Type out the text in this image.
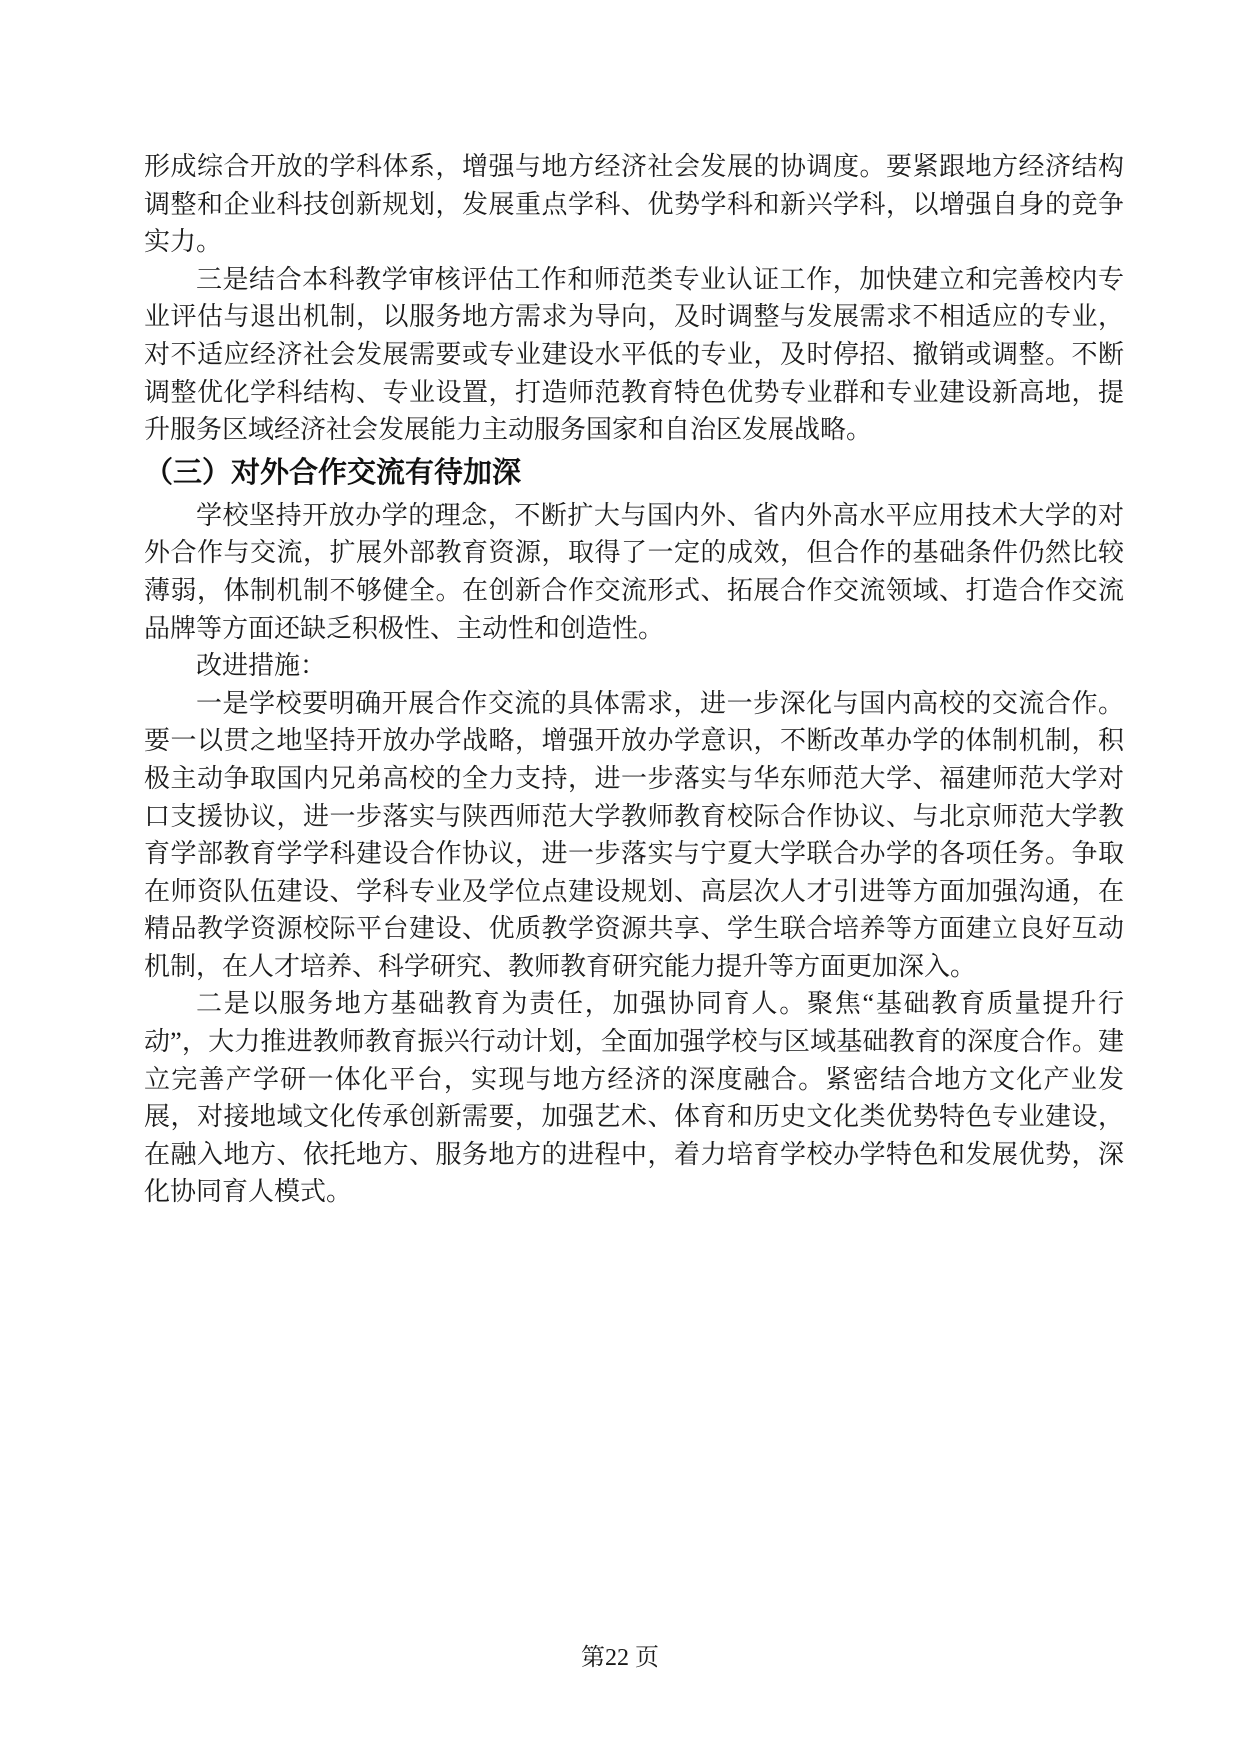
形成综合开放的学科体系，增强与地方经济社会发展的协调度。要紧跟地方经济结构调整和企业科技创新规划，发展重点学科、优势学科和新兴学科，以增强自身的竞争实力。

三是结合本科教学审核评估工作和师范类专业认证工作，加快建立和完善校内专业评估与退出机制，以服务地方需求为导向，及时调整与发展需求不相适应的专业，对不适应经济社会发展需要或专业建设水平低的专业，及时停招、撤销或调整。不断调整优化学科结构、专业设置，打造师范教育特色优势专业群和专业建设新高地，提升服务区域经济社会发展能力主动服务国家和自治区发展战略。

（三）对外合作交流有待加深

学校坚持开放办学的理念，不断扩大与国内外、省内外高水平应用技术大学的对外合作与交流，扩展外部教育资源，取得了一定的成效，但合作的基础条件仍然比较薄弱，体制机制不够健全。在创新合作交流形式、拓展合作交流领域、打造合作交流品牌等方面还缺乏积极性、主动性和创造性。

改进措施：

一是学校要明确开展合作交流的具体需求，进一步深化与国内高校的交流合作。要一以贯之地坚持开放办学战略，增强开放办学意识，不断改革办学的体制机制，积极主动争取国内兄弟高校的全力支持，进一步落实与华东师范大学、福建师范大学对口支援协议，进一步落实与陕西师范大学教师教育校际合作协议、与北京师范大学教育学部教育学学科建设合作协议，进一步落实与宁夏大学联合办学的各项任务。争取在师资队伍建设、学科专业及学位点建设规划、高层次人才引进等方面加强沟通，在精品教学资源校际平台建设、优质教学资源共享、学生联合培养等方面建立良好互动机制，在人才培养、科学研究、教师教育研究能力提升等方面更加深入。

二是以服务地方基础教育为责任，加强协同育人。聚焦“基础教育质量提升行动”，大力推进教师教育振兴行动计划，全面加强学校与区域基础教育的深度合作。建立完善产学研一体化平台，实现与地方经济的深度融合。紧密结合地方文化产业发展，对接地域文化传承创新需要，加强艺术、体育和历史文化类优势特色专业建设，在融入地方、依托地方、服务地方的进程中，着力培育学校办学特色和发展优势，深化协同育人模式。

第22 页
